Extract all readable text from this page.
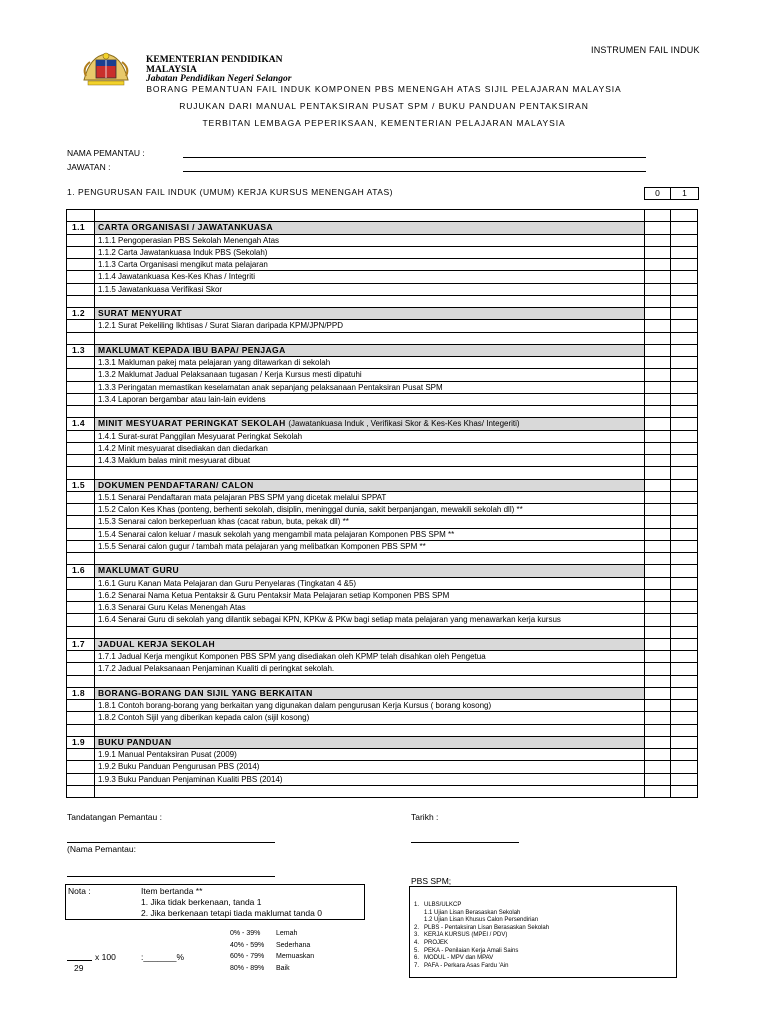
KEMENTERIAN PENDIDIKAN
MALAYSIA
Jabatan Pendidikan Negeri Selangor
INSTRUMEN FAIL INDUK
BORANG PEMANTUAN FAIL INDUK KOMPONEN PBS MENENGAH ATAS SIJIL PELAJARAN MALAYSIA
RUJUKAN DARI MANUAL PENTAKSIRAN PUSAT SPM / BUKU PANDUAN PENTAKSIRAN
TERBITAN LEMBAGA PEPERIKSAAN, KEMENTERIAN PELAJARAN MALAYSIA
NAMA PEMANTAU :
JAWATAN :
1. PENGURUSAN FAIL INDUK (UMUM) KERJA KURSUS MENENGAH ATAS)	0	1

1.1	CARTA ORGANISASI / JAWATANKUASA		
	1.1.1 Pengoperasian PBS Sekolah Menengah Atas		
	1.1.2 Carta Jawatankuasa Induk PBS (Sekolah)		
	1.1.3 Carta Organisasi mengikut mata pelajaran		
	1.1.4 Jawatankuasa Kes-Kes Khas / Integriti		
	1.1.5 Jawatankuasa Verifikasi Skor		

1.2	SURAT MENYURAT		
	1.2.1 Surat Pekeliling Ikhtisas / Surat Siaran daripada KPM/JPN/PPD		

1.3	MAKLUMAT KEPADA IBU BAPA/ PENJAGA		
	1.3.1 Makluman pakej mata pelajaran yang ditawarkan di sekolah		
	1.3.2 Maklumat Jadual Pelaksanaan tugasan / Kerja Kursus mesti dipatuhi		
	1.3.3 Peringatan memastikan keselamatan anak sepanjang pelaksanaan Pentaksiran Pusat SPM		
	1.3.4 Laporan bergambar atau lain-lain evidens		

1.4	MINIT MESYUARAT PERINGKAT SEKOLAH (Jawatankuasa Induk , Verifikasi Skor & Kes-Kes Khas/ Integeriti)		
	1.4.1 Surat-surat Panggilan Mesyuarat Peringkat Sekolah		
	1.4.2 Minit mesyuarat disediakan dan diedarkan		
	1.4.3 Maklum balas minit mesyuarat dibuat		

1.5	DOKUMEN PENDAFTARAN/ CALON		
	1.5.1 Senarai Pendaftaran mata pelajaran PBS SPM yang dicetak melalui SPPAT		
	1.5.2 Calon Kes Khas (ponteng, berhenti sekolah, disiplin, meninggal dunia, sakit berpanjangan, mewakili sekolah dll) **		
	1.5.3 Senarai calon berkeperluan khas (cacat rabun, buta, pekak dll) **		
	1.5.4 Senarai calon keluar / masuk sekolah yang mengambil mata pelajaran Komponen PBS SPM **		
	1.5.5 Senarai calon gugur / tambah mata pelajaran yang melibatkan Komponen PBS SPM **		

1.6	MAKLUMAT GURU		
	1.6.1 Guru Kanan Mata Pelajaran dan Guru Penyelaras (Tingkatan 4 &5)		
	1.6.2 Senarai Nama Ketua Pentaksir & Guru Pentaksir Mata Pelajaran setiap Komponen PBS SPM		
	1.6.3 Senarai Guru Kelas Menengah Atas		
	1.6.4 Senarai Guru di sekolah yang dilantik sebagai KPN, KPKw & PKw bagi setiap mata pelajaran yang menawarkan kerja kursus		

1.7	JADUAL KERJA SEKOLAH		
	1.7.1 Jadual Kerja mengikut Komponen PBS SPM yang disediakan oleh KPMP telah disahkan oleh Pengetua		
	1.7.2 Jadual Pelaksanaan Penjaminan Kualiti di peringkat sekolah.		

1.8	BORANG-BORANG DAN SIJIL YANG BERKAITAN		
	1.8.1 Contoh borang-borang yang berkaitan yang digunakan dalam pengurusan Kerja Kursus ( borang kosong)		
	1.8.2 Contoh Sijil yang diberikan kepada calon (sijil kosong)		

1.9	BUKU PANDUAN		
	1.9.1 Manual Pentaksiran Pusat (2009)		
	1.9.2 Buku Panduan Pengurusan PBS (2014)		
	1.9.3 Buku Panduan Penjaminan Kualiti PBS (2014)		

Tandatangan Pemantau :	Tarikh :
(Nama Pemantau:
PBS SPM;
Nota :	Item bertanda **
1. Jika tidak berkenaan, tanda 1
2. Jika berkenaan tetapi tiada maklumat tanda 0
0% - 39% Lemah
40% - 59% Sederhana
60% - 79% Memuaskan
80% - 89% Baik
x 100	:_______%
29
1.   ULBS/ULKCP
1.1 Ujian Lisan Berasaskan Sekolah
1.2 Ujian Lisan Khusus Calon Persendirian
2.   PLBS - Pentaksiran Lisan Berasaskan Sekolah
3.   KERJA KURSUS (MPEI / PDV)
4.   PROJEK
5.   PEKA - Penilaian Kerja Amali Sains
6.   MODUL - MPV dan MPAV
7.   PAFA - Perkara Asas Fardu 'Ain
